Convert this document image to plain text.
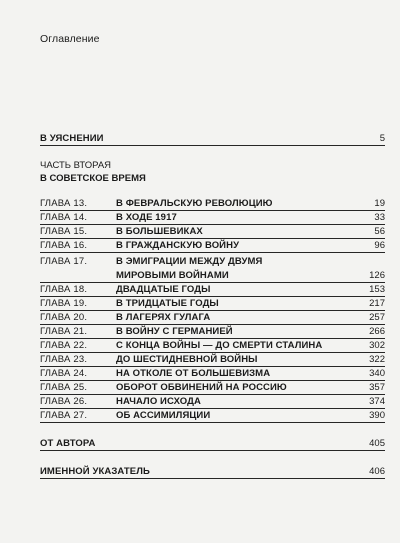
Оглавление
В УЯСНЕНИИ	5
ЧАСТЬ ВТОРАЯ
В СОВЕТСКОЕ ВРЕМЯ
ГЛАВА 13.	В ФЕВРАЛЬСКУЮ РЕВОЛЮЦИЮ	19
ГЛАВА 14.	В ХОДЕ 1917	33
ГЛАВА 15.	В БОЛЬШЕВИКАХ	56
ГЛАВА 16.	В ГРАЖДАНСКУЮ ВОЙНУ	96
ГЛАВА 17.	В ЭМИГРАЦИИ МЕЖДУ ДВУМЯ
МИРОВЫМИ ВОЙНАМИ	126
ГЛАВА 18.	ДВАДЦАТЫЕ ГОДЫ	153
ГЛАВА 19.	В ТРИДЦАТЫЕ ГОДЫ	217
ГЛАВА 20.	В ЛАГЕРЯХ ГУЛАГА	257
ГЛАВА 21.	В ВОЙНУ С ГЕРМАНИЕЙ	266
ГЛАВА 22.	С КОНЦА ВОЙНЫ — ДО СМЕРТИ СТАЛИНА	302
ГЛАВА 23.	ДО ШЕСТИДНЕВНОЙ ВОЙНЫ	322
ГЛАВА 24.	НА ОТКОЛЕ ОТ БОЛЬШЕВИЗМА	340
ГЛАВА 25.	ОБОРОТ ОБВИНЕНИЙ НА РОССИЮ	357
ГЛАВА 26.	НАЧАЛО ИСХОДА	374
ГЛАВА 27.	ОБ АССИМИЛЯЦИИ	390
ОТ АВТОРА	405
ИМЕННОЙ УКАЗАТЕЛЬ	406
